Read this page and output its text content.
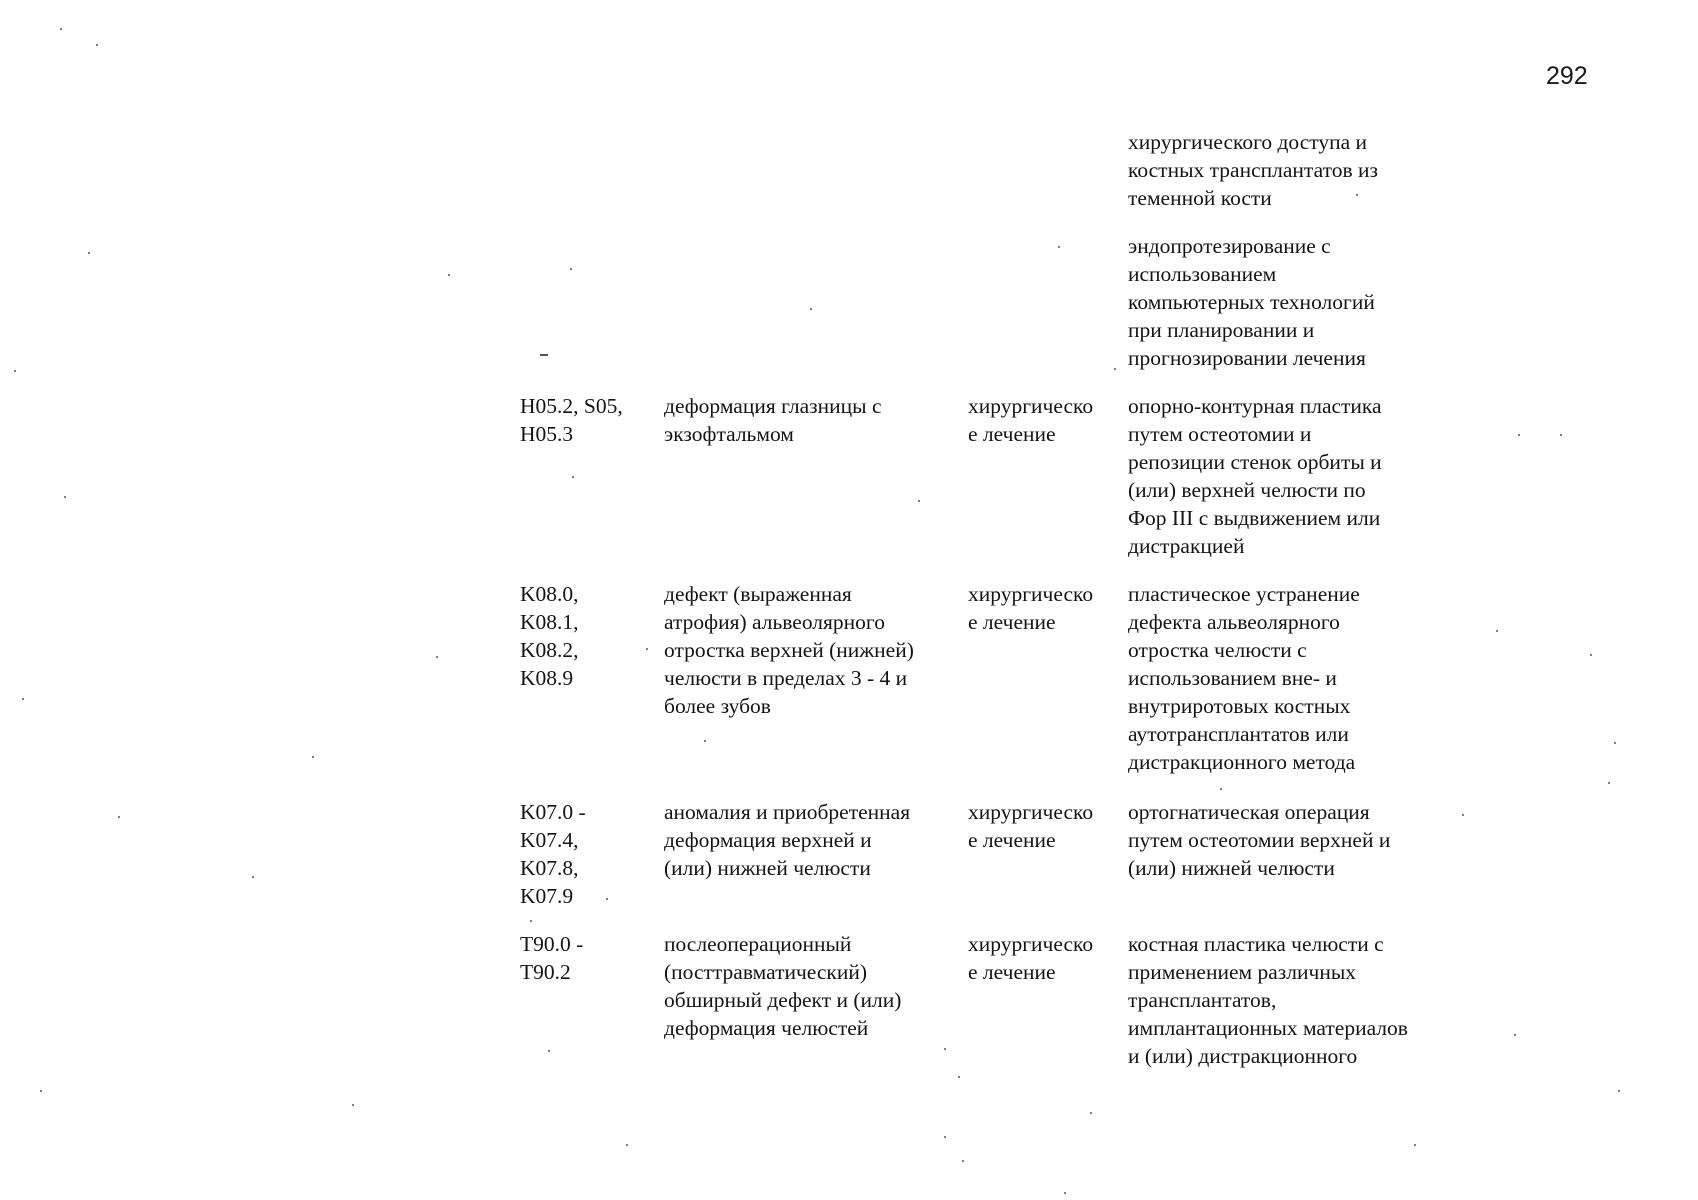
292
хирургического доступа и
костных трансплантатов из
теменной кости
эндопротезирование с
использованием
компьютерных технологий
при планировании и
прогнозировании лечения
H05.2, S05,
H05.3
деформация глазницы с
экзофтальмом
хирургическо
е лечение
опорно-контурная пластика
путем остеотомии и
репозиции стенок орбиты и
(или) верхней челюсти по
Фор III с выдвижением или
дистракцией
K08.0,
K08.1,
K08.2,
K08.9
дефект (выраженная
атрофия) альвеолярного
отростка верхней (нижней)
челюсти в пределах 3 - 4 и
более зубов
хирургическо
е лечение
пластическое устранение
дефекта альвеолярного
отростка челюсти с
использованием вне- и
внутриротовых костных
аутотрансплантатов или
дистракционного метода
K07.0 -
K07.4,
K07.8,
K07.9
аномалия и приобретенная
деформация верхней и
(или) нижней челюсти
хирургическо
е лечение
ортогнатическая операция
путем остеотомии верхней и
(или) нижней челюсти
T90.0 -
T90.2
послеоперационный
(посттравматический)
обширный дефект и (или)
деформация челюстей
хирургическо
е лечение
костная пластика челюсти с
применением различных
трансплантатов,
имплантационных материалов
и (или) дистракционного
